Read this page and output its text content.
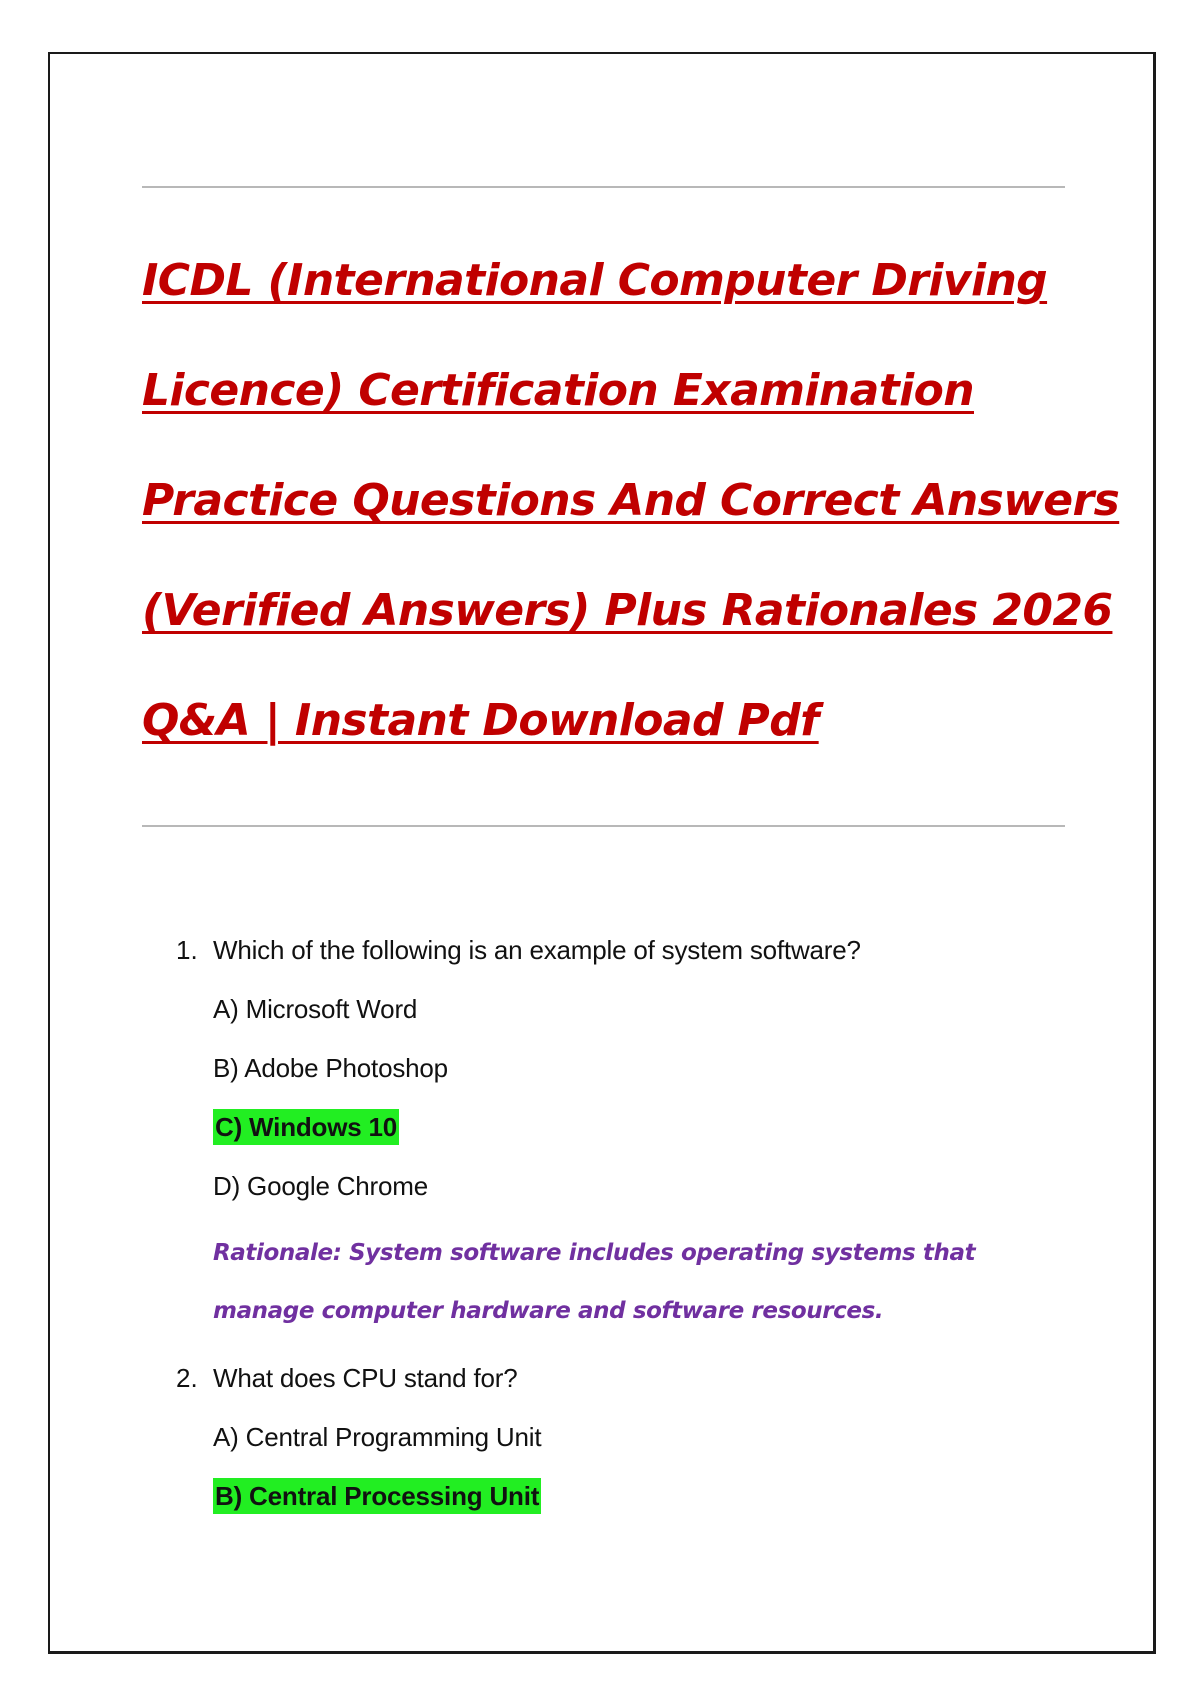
ICDL (International Computer Driving
Licence) Certification Examination
Practice Questions And Correct Answers
(Verified Answers) Plus Rationales 2026
Q&A | Instant Download Pdf
1. Which of the following is an example of system software?
A) Microsoft Word
B) Adobe Photoshop
C) Windows 10
D) Google Chrome
Rationale: System software includes operating systems that manage computer hardware and software resources.
2. What does CPU stand for?
A) Central Programming Unit
B) Central Processing Unit
